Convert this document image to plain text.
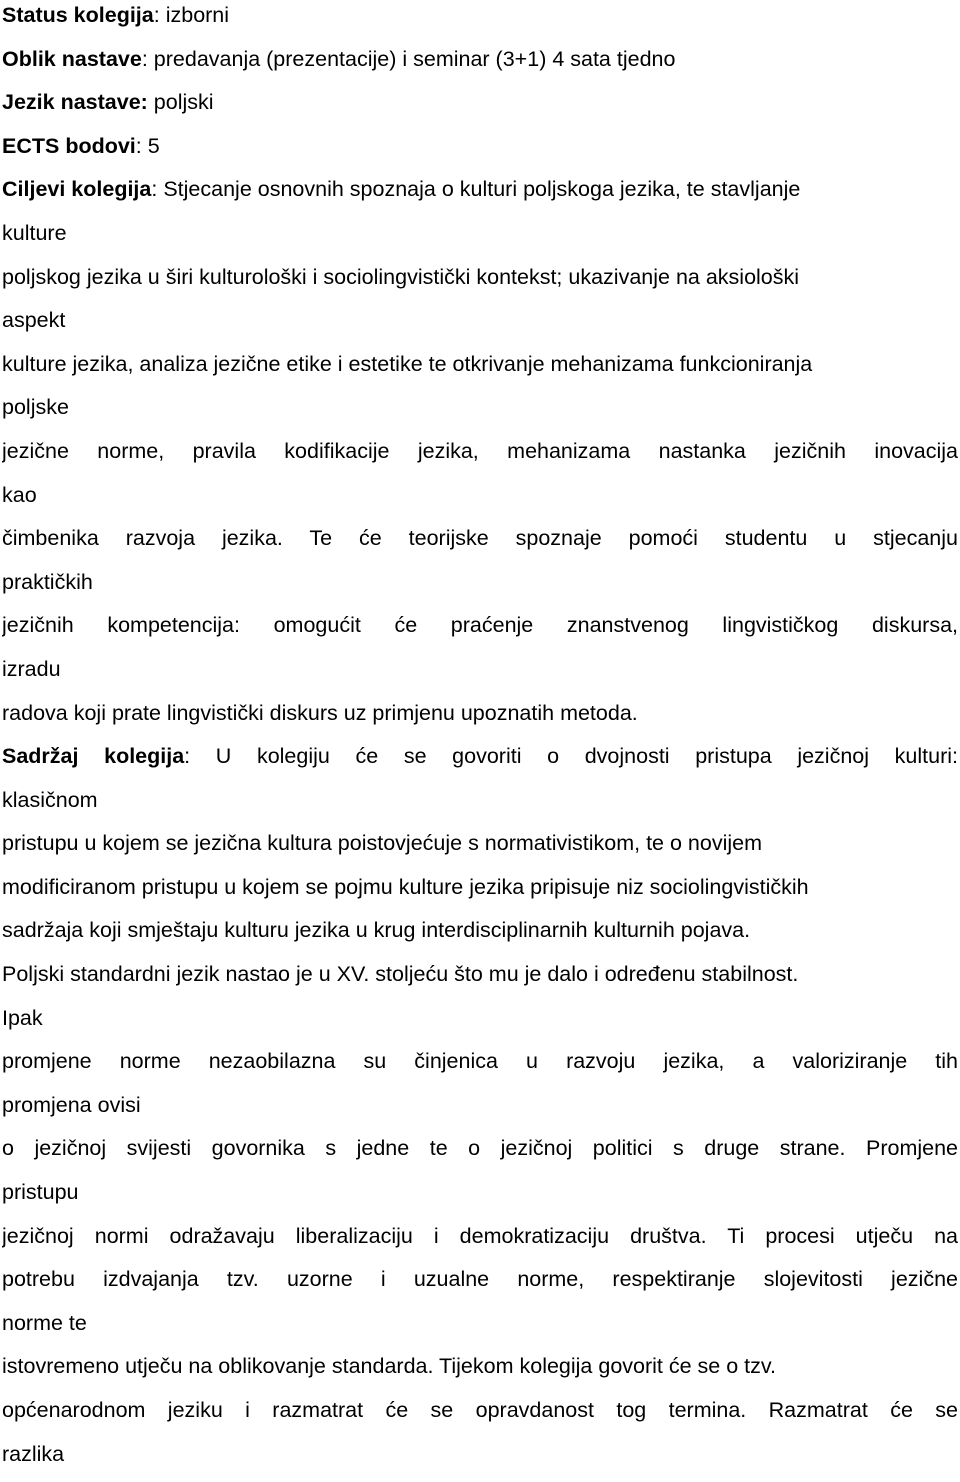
Status kolegija: izborni
Oblik nastave: predavanja (prezentacije) i seminar (3+1) 4 sata tjedno
Jezik nastave: poljski
ECTS bodovi: 5
Ciljevi kolegija: Stjecanje osnovnih spoznaja o kulturi poljskoga jezika, te stavljanje
kulture
poljskog jezika u širi kulturološki i sociolingvistički kontekst; ukazivanje na aksiološki
aspekt
kulture jezika, analiza jezične etike i estetike te otkrivanje mehanizama funkcioniranja
poljske
jezične norme, pravila kodifikacije jezika, mehanizama nastanka jezičnih inovacija
kao
čimbenika razvoja jezika. Te će teorijske spoznaje pomoći studentu u stjecanju
praktičkih
jezičnih kompetencija: omogućit će praćenje znanstvenog lingvističkog diskursa,
izradu
radova koji prate lingvistički diskurs uz primjenu upoznatih metoda.
Sadržaj kolegija: U kolegiju će se govoriti o dvojnosti pristupa jezičnoj kulturi:
klasičnom
pristupu u kojem se jezična kultura poistovjećuje s normativistikom, te o novijem
modificiranom pristupu u kojem se pojmu kulture jezika pripisuje niz sociolingvističkih
sadržaja koji smještaju kulturu jezika u krug interdisciplinarnih kulturnih pojava.
Poljski standardni jezik nastao je u XV. stoljeću što mu je dalo i određenu stabilnost.
Ipak
promjene norme nezaobilazna su činjenica u razvoju jezika, a valoriziranje tih
promjena ovisi
o jezičnoj svijesti govornika s jedne te o jezičnoj politici s druge strane. Promjene
pristupu
jezičnoj normi odražavaju liberalizaciju i demokratizaciju društva. Ti procesi utječu na
potrebu izdvajanja tzv. uzorne i uzualne norme, respektiranje slojevitosti jezične
norme te
istovremeno utječu na oblikovanje standarda. Tijekom kolegija govorit će se o tzv.
općenarodnom jeziku i razmatrat će se opravdanost tog termina. Razmatrat će se
razlika
